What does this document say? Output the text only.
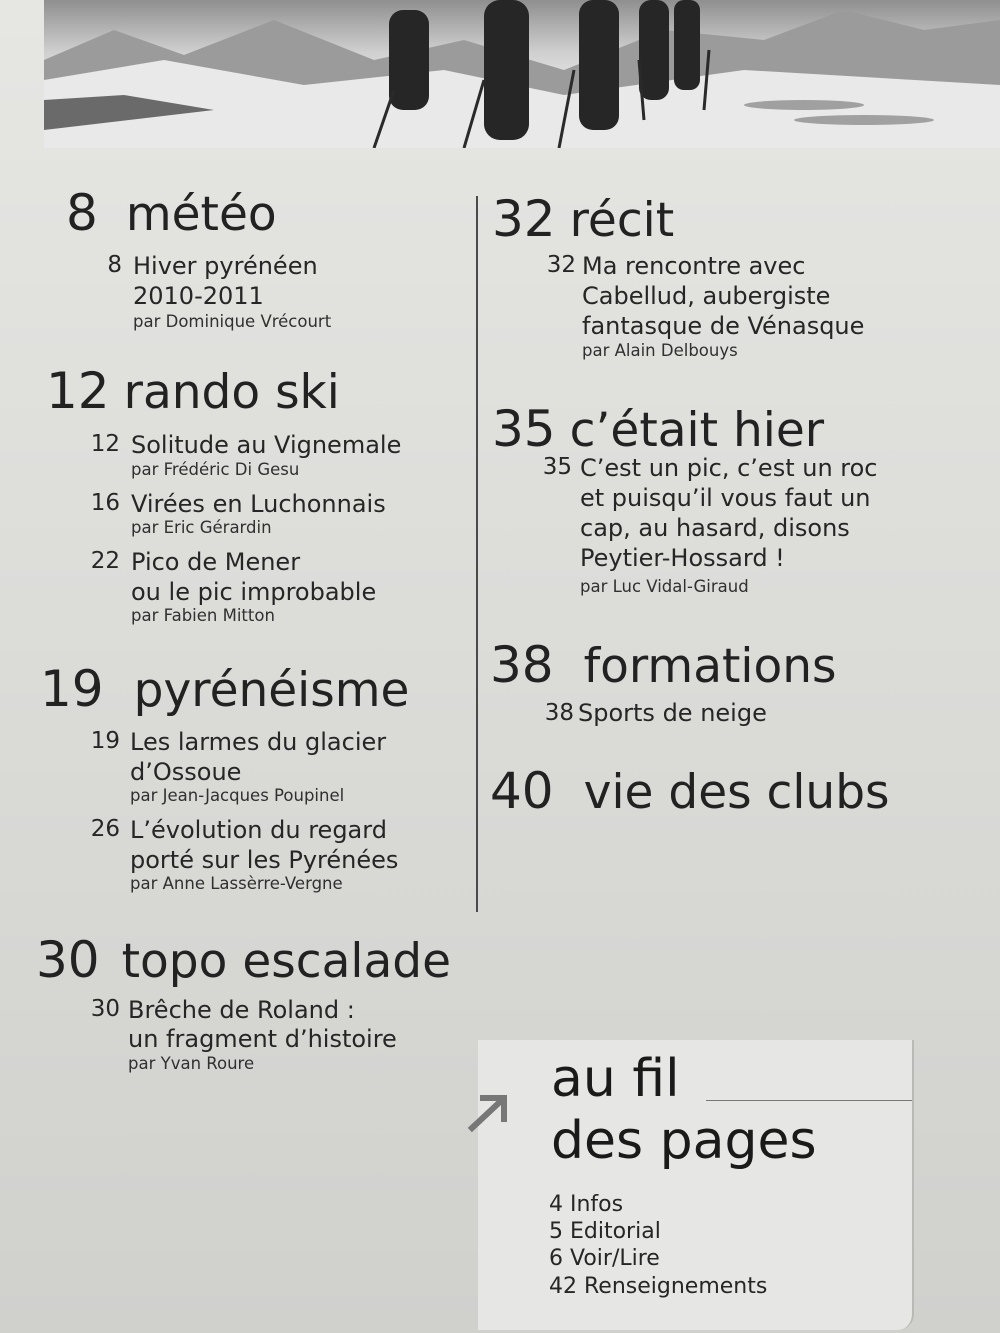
8 météo
8 Hiver pyrénéen
2010-2011
par Dominique Vrécourt
12 rando ski
12 Solitude au Vignemale
par Frédéric Di Gesu
16 Virées en Luchonnais
par Eric Gérardin
22 Pico de Mener
ou le pic improbable
par Fabien Mitton
19 pyrénéisme
19 Les larmes du glacier
d’Ossoue
par Jean-Jacques Poupinel
26 L’évolution du regard
porté sur les Pyrénées
par Anne Lassèrre-Vergne
30 topo escalade
30 Brêche de Roland :
un fragment d’histoire
par Yvan Roure
32 récit
32 Ma rencontre avec
Cabellud, aubergiste
fantasque de Vénasque
par Alain Delbouys
35 c’était hier
35 C’est un pic, c’est un roc
et puisqu’il vous faut un
cap, au hasard, disons
Peytier-Hossard !
par Luc Vidal-Giraud
38 formations
38 Sports de neige
40 vie des clubs
au fil
des pages
4 Infos
5 Editorial
6 Voir/Lire
42 Renseignements
